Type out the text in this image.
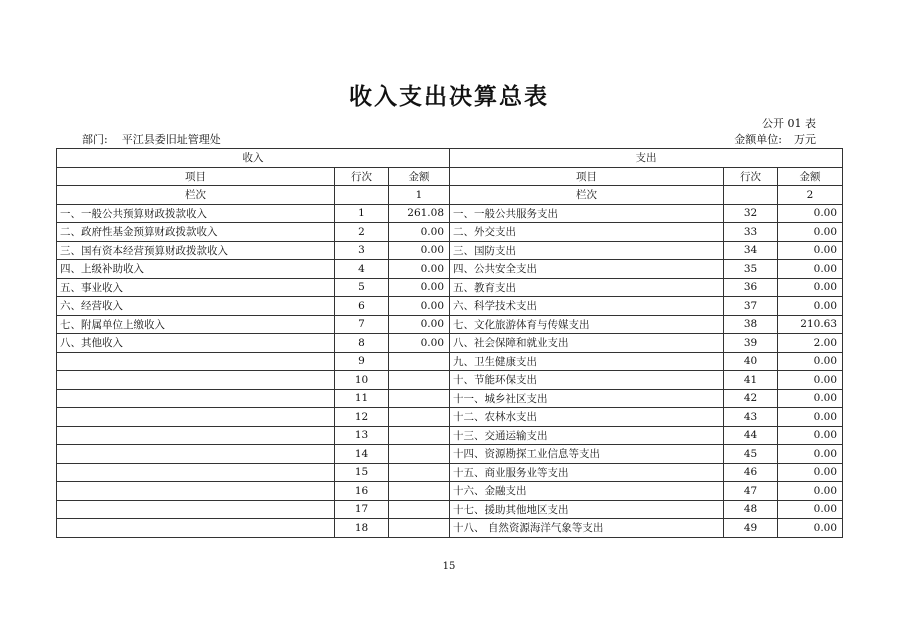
收入支出决算总表
公开 01 表
部门: 平江县委旧址管理处	金额单位: 万元
收入			支出		
项目	行次	金额	项目	行次	金额
栏次		1	栏次		2
一、一般公共预算财政拨款收入	1	261.08	一、一般公共服务支出	32	0.00
二、政府性基金预算财政拨款收入	2	0.00	二、外交支出	33	0.00
三、国有资本经营预算财政拨款收入	3	0.00	三、国防支出	34	0.00
四、上级补助收入	4	0.00	四、公共安全支出	35	0.00
五、事业收入	5	0.00	五、教育支出	36	0.00
六、经营收入	6	0.00	六、科学技术支出	37	0.00
七、附属单位上缴收入	7	0.00	七、文化旅游体育与传媒支出	38	210.63
八、其他收入	8	0.00	八、社会保障和就业支出	39	2.00
	9		九、卫生健康支出	40	0.00
	10		十、节能环保支出	41	0.00
	11		十一、城乡社区支出	42	0.00
	12		十二、农林水支出	43	0.00
	13		十三、交通运输支出	44	0.00
	14		十四、资源勘探工业信息等支出	45	0.00
	15		十五、商业服务业等支出	46	0.00
	16		十六、金融支出	47	0.00
	17		十七、援助其他地区支出	48	0.00
	18		十八、 自然资源海洋气象等支出	49	0.00
15
